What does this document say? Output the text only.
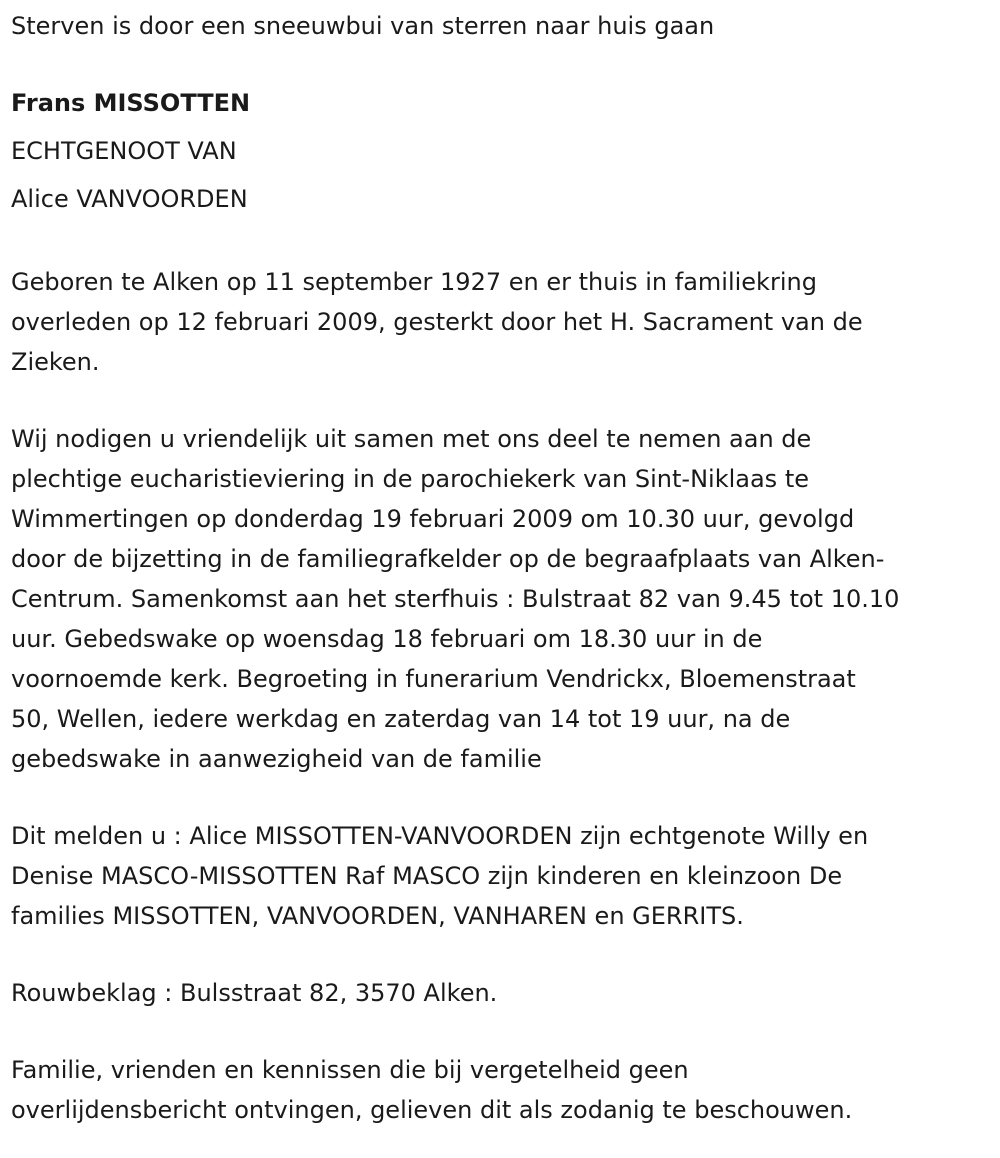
Sterven is door een sneeuwbui van sterren naar huis gaan
Frans MISSOTTEN
ECHTGENOOT VAN
Alice VANVOORDEN
Geboren te Alken op 11 september 1927 en er thuis in familiekring
overleden op 12 februari 2009, gesterkt door het H. Sacrament van de
Zieken.
Wij nodigen u vriendelijk uit samen met ons deel te nemen aan de
plechtige eucharistieviering in de parochiekerk van Sint-Niklaas te
Wimmertingen op donderdag 19 februari 2009 om 10.30 uur, gevolgd
door de bijzetting in de familiegrafkelder op de begraafplaats van Alken-
Centrum. Samenkomst aan het sterfhuis : Bulstraat 82 van 9.45 tot 10.10
uur. Gebedswake op woensdag 18 februari om 18.30 uur in de
voornoemde kerk. Begroeting in funerarium Vendrickx, Bloemenstraat
50, Wellen, iedere werkdag en zaterdag van 14 tot 19 uur, na de
gebedswake in aanwezigheid van de familie
Dit melden u : Alice MISSOTTEN-VANVOORDEN zijn echtgenote Willy en
Denise MASCO-MISSOTTEN Raf MASCO zijn kinderen en kleinzoon De
families MISSOTTEN, VANVOORDEN, VANHAREN en GERRITS.
Rouwbeklag : Bulsstraat 82, 3570 Alken.
Familie, vrienden en kennissen die bij vergetelheid geen
overlijdensbericht ontvingen, gelieven dit als zodanig te beschouwen.
